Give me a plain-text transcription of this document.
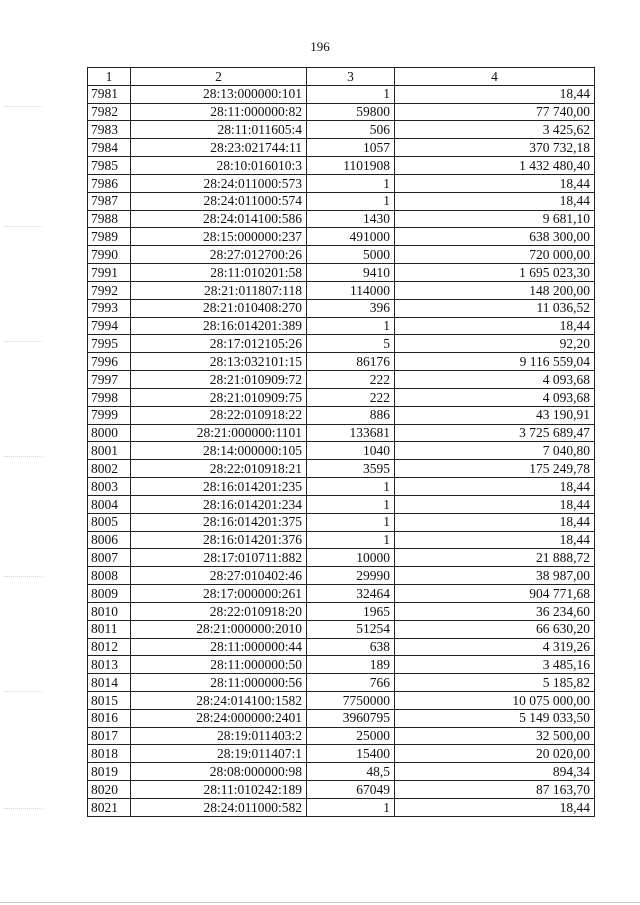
196
1	2	3	4
7981	28:13:000000:101	1	18,44
7982	28:11:000000:82	59800	77 740,00
7983	28:11:011605:4	506	3 425,62
7984	28:23:021744:11	1057	370 732,18
7985	28:10:016010:3	1101908	1 432 480,40
7986	28:24:011000:573	1	18,44
7987	28:24:011000:574	1	18,44
7988	28:24:014100:586	1430	9 681,10
7989	28:15:000000:237	491000	638 300,00
7990	28:27:012700:26	5000	720 000,00
7991	28:11:010201:58	9410	1 695 023,30
7992	28:21:011807:118	114000	148 200,00
7993	28:21:010408:270	396	11 036,52
7994	28:16:014201:389	1	18,44
7995	28:17:012105:26	5	92,20
7996	28:13:032101:15	86176	9 116 559,04
7997	28:21:010909:72	222	4 093,68
7998	28:21:010909:75	222	4 093,68
7999	28:22:010918:22	886	43 190,91
8000	28:21:000000:1101	133681	3 725 689,47
8001	28:14:000000:105	1040	7 040,80
8002	28:22:010918:21	3595	175 249,78
8003	28:16:014201:235	1	18,44
8004	28:16:014201:234	1	18,44
8005	28:16:014201:375	1	18,44
8006	28:16:014201:376	1	18,44
8007	28:17:010711:882	10000	21 888,72
8008	28:27:010402:46	29990	38 987,00
8009	28:17:000000:261	32464	904 771,68
8010	28:22:010918:20	1965	36 234,60
8011	28:21:000000:2010	51254	66 630,20
8012	28:11:000000:44	638	4 319,26
8013	28:11:000000:50	189	3 485,16
8014	28:11:000000:56	766	5 185,82
8015	28:24:014100:1582	7750000	10 075 000,00
8016	28:24:000000:2401	3960795	5 149 033,50
8017	28:19:011403:2	25000	32 500,00
8018	28:19:011407:1	15400	20 020,00
8019	28:08:000000:98	48,5	894,34
8020	28:11:010242:189	67049	87 163,70
8021	28:24:011000:582	1	18,44
